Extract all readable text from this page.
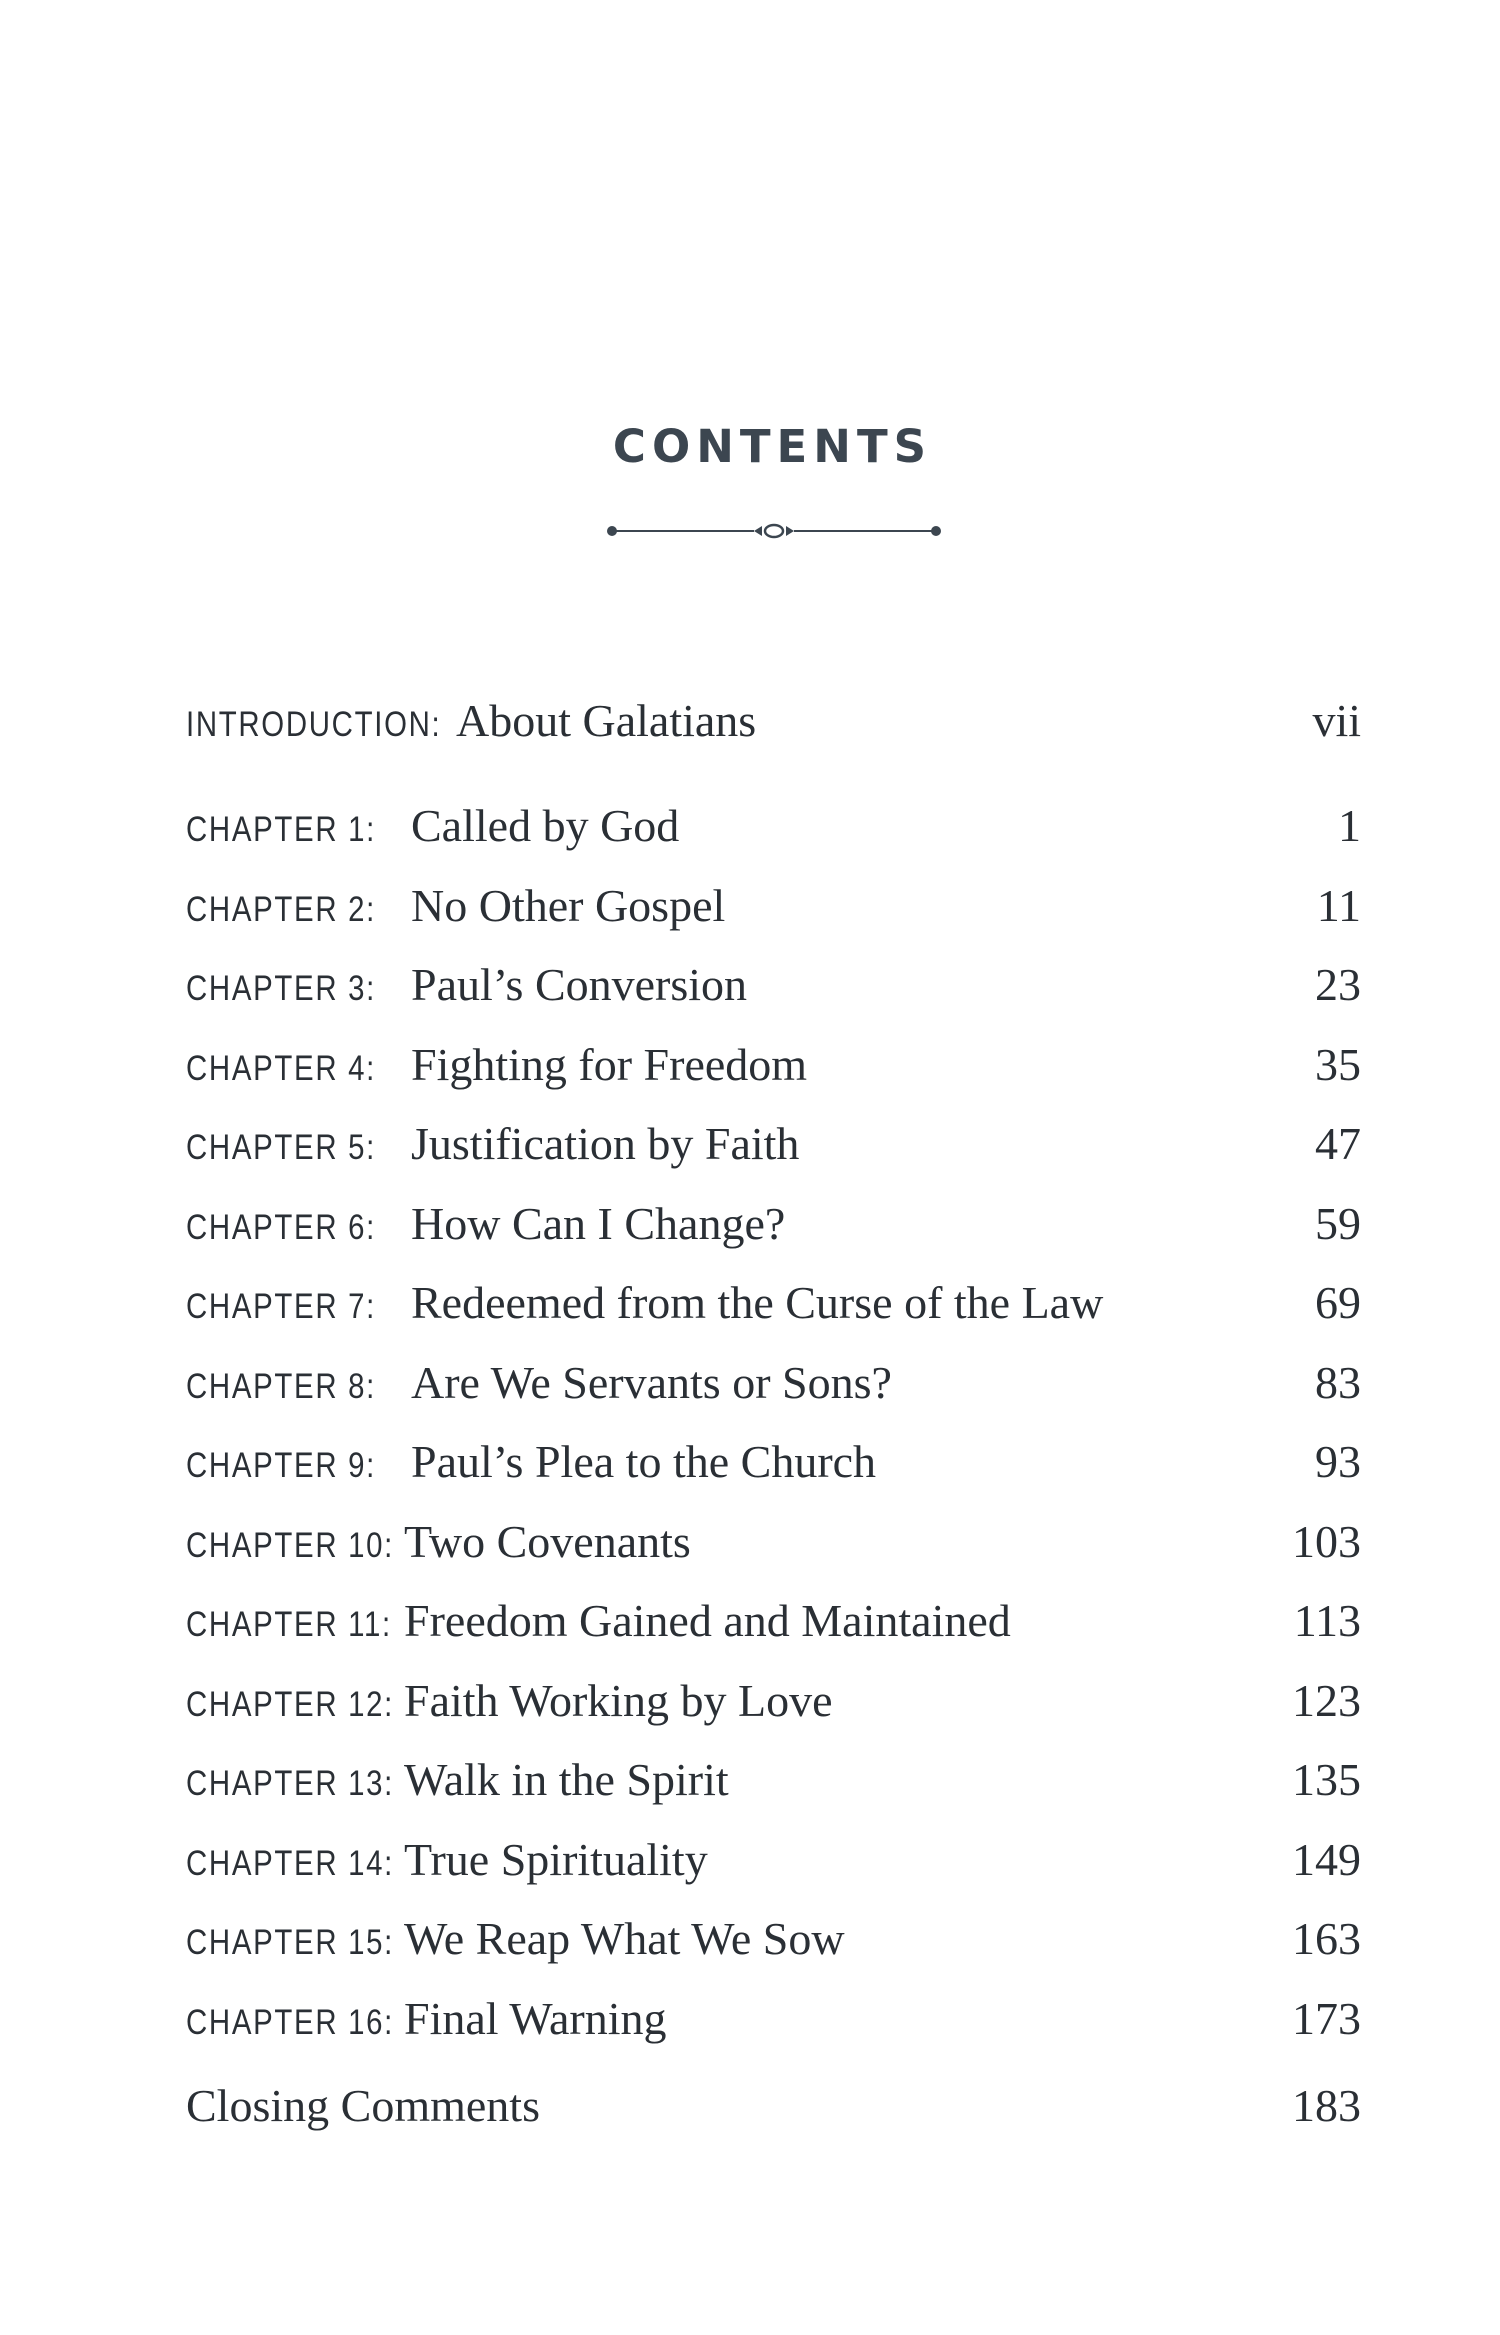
CONTENTS
INTRODUCTION: About Galatians	vii
CHAPTER 1: Called by God	1
CHAPTER 2: No Other Gospel	11
CHAPTER 3: Paul’s Conversion	23
CHAPTER 4: Fighting for Freedom	35
CHAPTER 5: Justification by Faith	47
CHAPTER 6: How Can I Change?	59
CHAPTER 7: Redeemed from the Curse of the Law	69
CHAPTER 8: Are We Servants or Sons?	83
CHAPTER 9: Paul’s Plea to the Church	93
CHAPTER 10: Two Covenants	103
CHAPTER 11: Freedom Gained and Maintained	113
CHAPTER 12: Faith Working by Love	123
CHAPTER 13: Walk in the Spirit	135
CHAPTER 14: True Spirituality	149
CHAPTER 15: We Reap What We Sow	163
CHAPTER 16: Final Warning	173
Closing Comments	183
